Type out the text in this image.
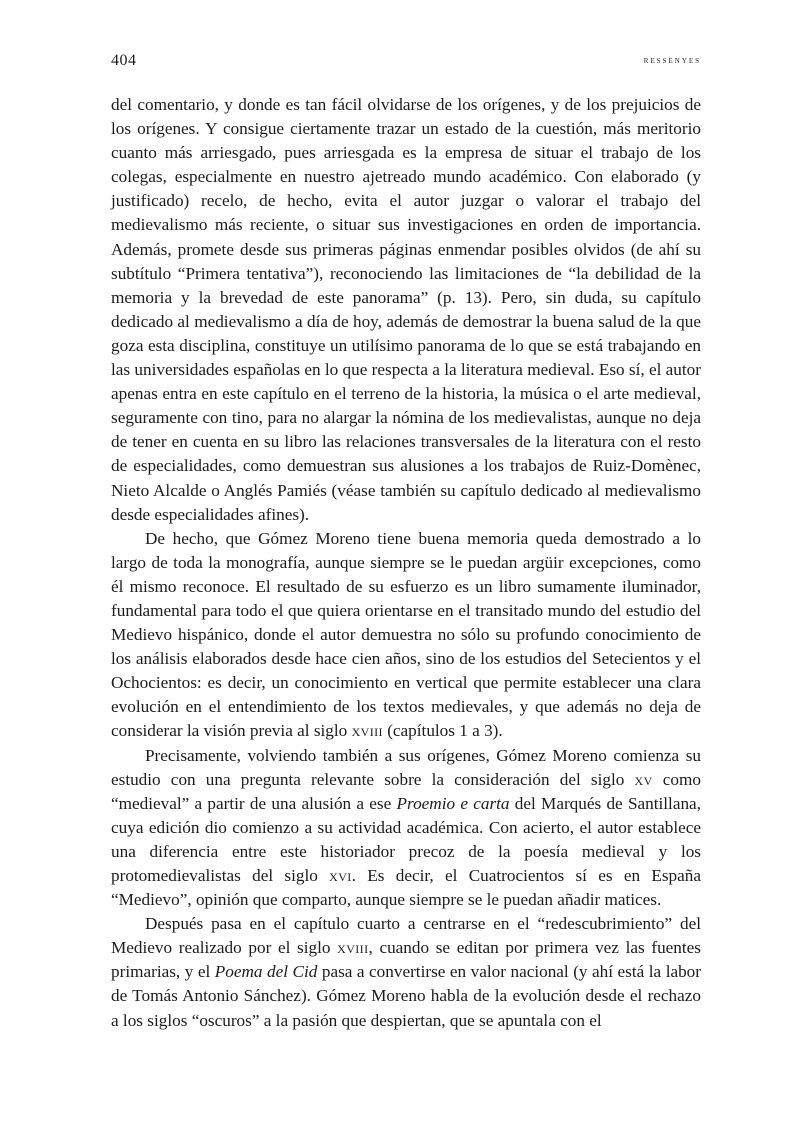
404	ressenyes

del comentario, y donde es tan fácil olvidarse de los orígenes, y de los prejuicios de los orígenes. Y consigue ciertamente trazar un estado de la cuestión, más meritorio cuanto más arriesgado, pues arriesgada es la empresa de situar el trabajo de los colegas, especialmente en nuestro ajetreado mundo académico. Con elaborado (y justificado) recelo, de hecho, evita el autor juzgar o valorar el trabajo del medievalismo más reciente, o situar sus investigaciones en orden de importancia. Además, promete desde sus primeras páginas enmendar posibles olvidos (de ahí su subtítulo “Primera tentativa”), reconociendo las limitaciones de “la debilidad de la memoria y la brevedad de este panorama” (p. 13). Pero, sin duda, su capítulo dedicado al medievalismo a día de hoy, además de demostrar la buena salud de la que goza esta disciplina, constituye un utilísimo panorama de lo que se está trabajando en las universidades españolas en lo que respecta a la literatura medieval. Eso sí, el autor apenas entra en este capítulo en el terreno de la historia, la música o el arte medieval, seguramente con tino, para no alargar la nómina de los medievalistas, aunque no deja de tener en cuenta en su libro las relaciones transversales de la literatura con el resto de especialidades, como demuestran sus alusiones a los trabajos de Ruiz-Domènec, Nieto Alcalde o Anglés Pamiés (véase también su capítulo dedicado al medievalismo desde especialidades afines).

De hecho, que Gómez Moreno tiene buena memoria queda demostrado a lo largo de toda la monografía, aunque siempre se le puedan argüir excepciones, como él mismo reconoce. El resultado de su esfuerzo es un libro sumamente iluminador, fundamental para todo el que quiera orientarse en el transitado mundo del estudio del Medievo hispánico, donde el autor demuestra no sólo su profundo conocimiento de los análisis elaborados desde hace cien años, sino de los estudios del Setecientos y el Ochocientos: es decir, un conocimiento en vertical que permite establecer una clara evolución en el entendimiento de los textos medievales, y que además no deja de considerar la visión previa al siglo xviii (capítulos 1 a 3).

Precisamente, volviendo también a sus orígenes, Gómez Moreno comienza su estudio con una pregunta relevante sobre la consideración del siglo xv como “medieval” a partir de una alusión a ese Proemio e carta del Marqués de Santillana, cuya edición dio comienzo a su actividad académica. Con acierto, el autor establece una diferencia entre este historiador precoz de la poesía medieval y los protomedievalistas del siglo xvi. Es decir, el Cuatrocientos sí es en España “Medievo”, opinión que comparto, aunque siempre se le puedan añadir matices.

Después pasa en el capítulo cuarto a centrarse en el “redescubrimiento” del Medievo realizado por el siglo xviii, cuando se editan por primera vez las fuentes primarias, y el Poema del Cid pasa a convertirse en valor nacional (y ahí está la labor de Tomás Antonio Sánchez). Gómez Moreno habla de la evolución desde el rechazo a los siglos “oscuros” a la pasión que despiertan, que se apuntala con el
